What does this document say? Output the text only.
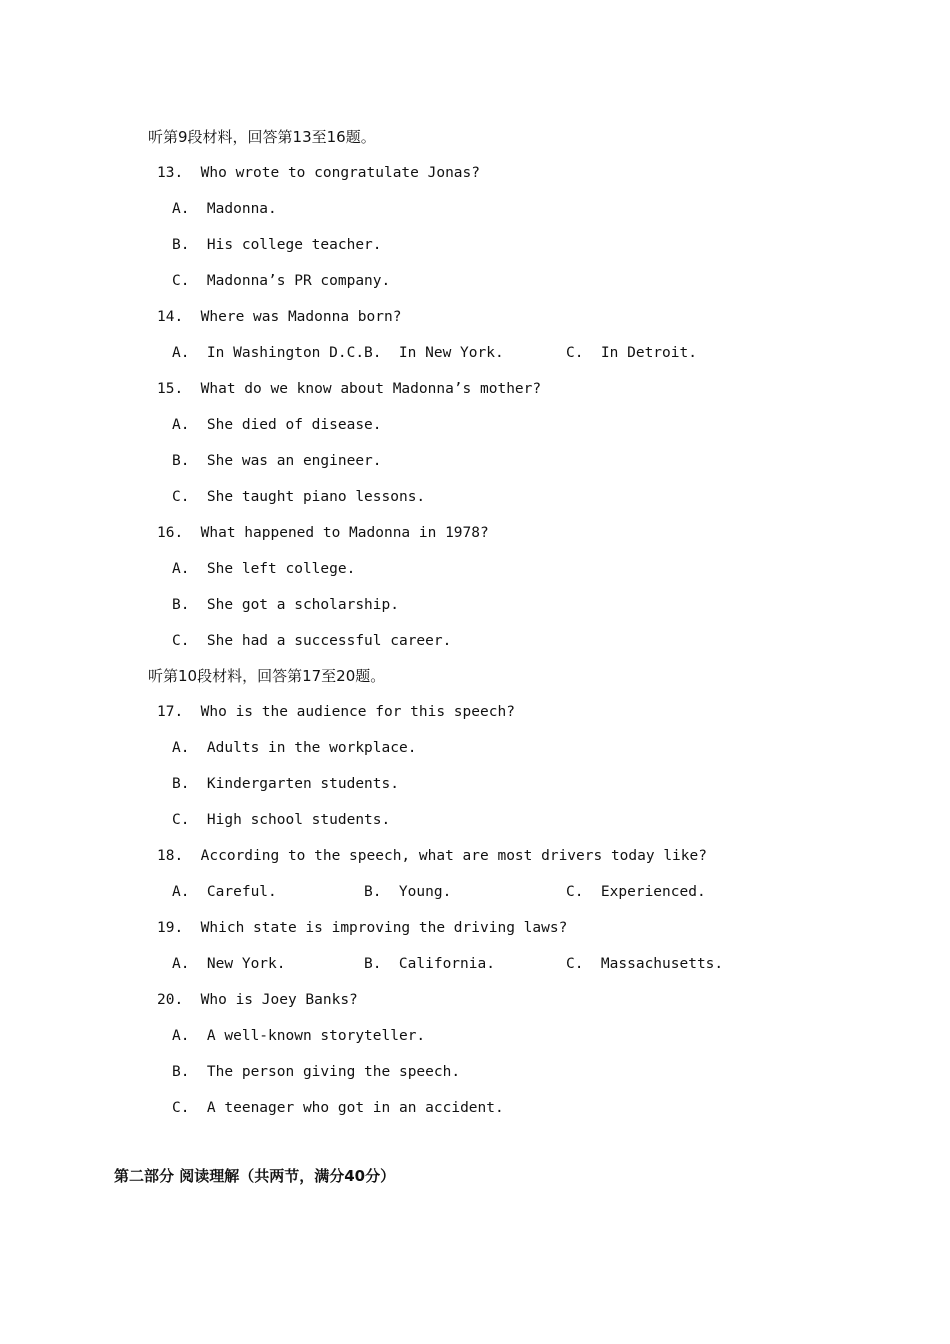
听第9段材料，回答第13至16题。
13.  Who wrote to congratulate Jonas?
A.  Madonna.
B.  His college teacher.
C.  Madonna’s PR company.
14.  Where was Madonna born?
A.  In Washington D.C. B.  In New York.	C.  In Detroit.
15.  What do we know about Madonna’s mother?
A.  She died of disease.
B.  She was an engineer.
C.  She taught piano lessons.
16.  What happened to Madonna in 1978?
A.  She left college.
B.  She got a scholarship.
C.  She had a successful career.
听第10段材料，回答第17至20题。
17.  Who is the audience for this speech?
A.  Adults in the workplace.
B.  Kindergarten students.
C.  High school students.
18.  According to the speech, what are most drivers today like?
A.  Careful.	B.  Young.	C.  Experienced.
19.  Which state is improving the driving laws?
A.  New York.	B.  California.	C.  Massachusetts.
20.  Who is Joey Banks?
A.  A well-known storyteller.
B.  The person giving the speech.
C.  A teenager who got in an accident.
第二部分 阅读理解（共两节，满分40分）
